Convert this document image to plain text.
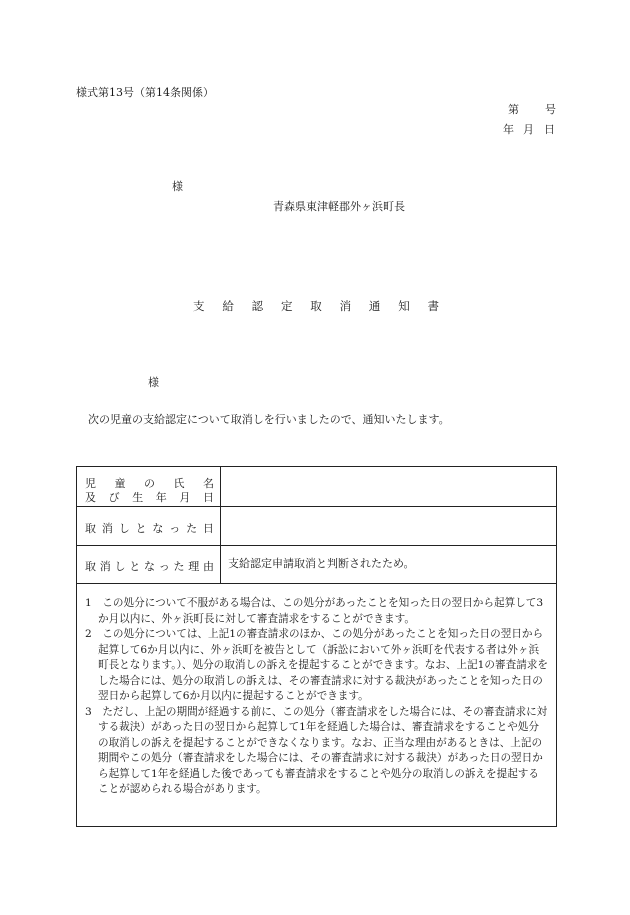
様式第13号（第14条関係）
第 号
年 月 日
様
青森県東津軽郡外ヶ浜町長
支 給 認 定 取 消 通 知 書
様
次の児童の支給認定について取消しを行いましたので、通知いたします。
児 童 の 氏 名
及 び 生 年 月 日
取 消 し と な っ た 日
取 消 し と な っ た 理 由 支給認定申請取消と判断されたため。

1　この処分について不服がある場合は、この処分があったことを知った日の翌日から起算して3か月以内に、外ヶ浜町長に対して審査請求をすることができます。

2　この処分については、上記1の審査請求のほか、この処分があったことを知った日の翌日から起算して6か月以内に、外ヶ浜町を被告として（訴訟において外ヶ浜町を代表する者は外ヶ浜町長となります。）、処分の取消しの訴えを提起することができます。なお、上記1の審査請求をした場合には、処分の取消しの訴えは、その審査請求に対する裁決があったことを知った日の翌日から起算して6か月以内に提起することができます。

3　ただし、上記の期間が経過する前に、この処分（審査請求をした場合には、その審査請求に対する裁決）があった日の翌日から起算して1年を経過した場合は、審査請求をすることや処分の取消しの訴えを提起することができなくなります。なお、正当な理由があるときは、上記の期間やこの処分（審査請求をした場合には、その審査請求に対する裁決）があった日の翌日から起算して1年を経過した後であっても審査請求をすることや処分の取消しの訴えを提起することが認められる場合があります。
